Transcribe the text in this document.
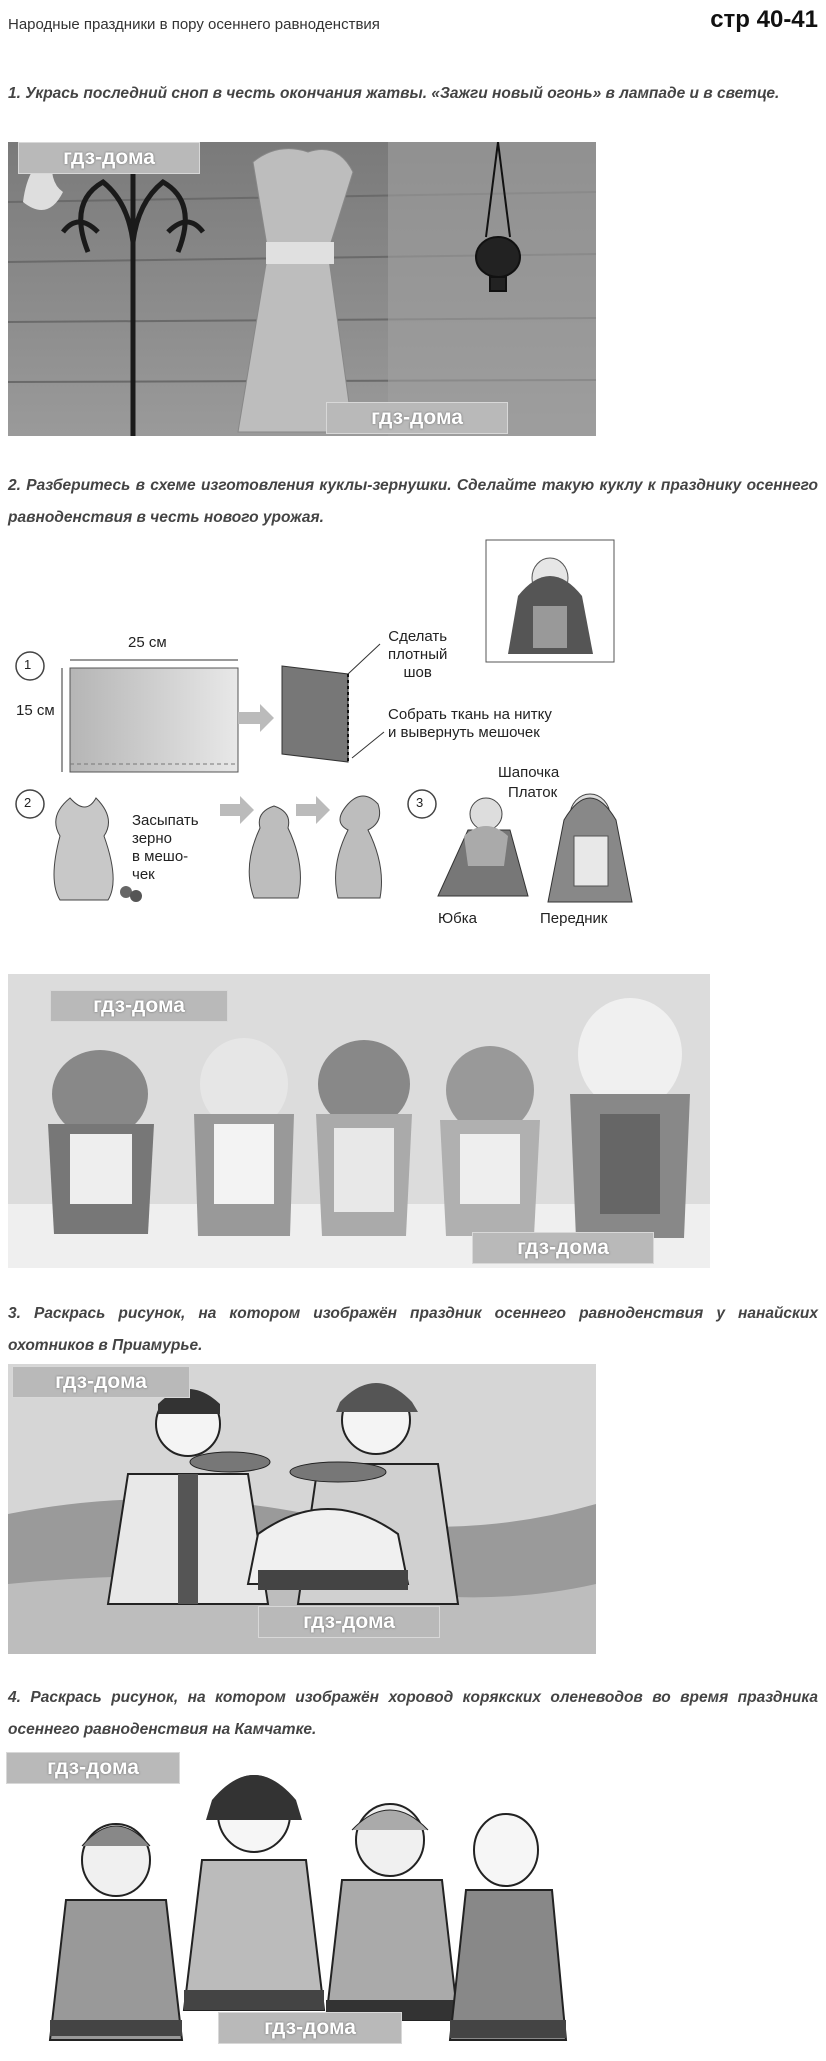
Народные праздники в пору осеннего равноденствия	стр 40-41
1. Укрась последний сноп в честь окончания жатвы. «Зажги новый огонь» в лампаде и в светце.
гдз-дома
гдз-дома
2. Разберитесь в схеме изготовления куклы-зернушки. Сделайте такую куклу к празднику осеннего равноденствия в честь нового урожая.
1
25 см
15 см
Сделать
плотный
шов
Собрать ткань на нитку
и вывернуть мешочек
2
Засыпать
зерно
в мешо-
чек
3
Шапочка
Платок
Юбка	Передник
гдз-дома
гдз-дома
3. Раскрась рисунок, на котором изображён праздник осеннего равноденствия у нанайских охотников в Приамурье.
гдз-дома
гдз-дома
4. Раскрась рисунок, на котором изображён хоровод корякских оленеводов во время праздника осеннего равноденствия на Камчатке.
гдз-дома
гдз-дома
